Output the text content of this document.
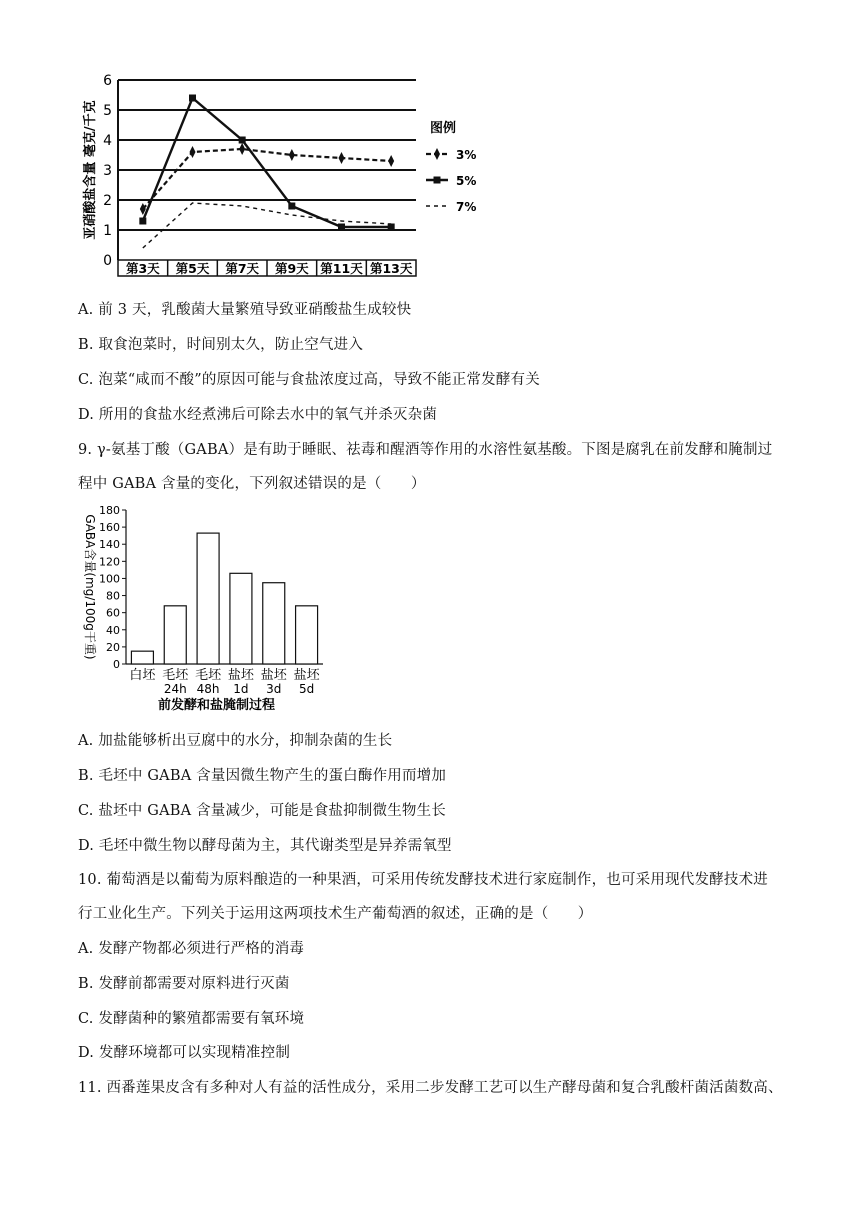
0
1
2
3
4
5
6
第3天 第5天 第7天 第9天 第11天 第13天
亚硝酸盐含量 毫克/千克	图例
3%
5%
7%
A. 前 3 天，乳酸菌大量繁殖导致亚硝酸盐生成较快
B. 取食泡菜时，时间别太久，防止空气进入
C. 泡菜“咸而不酸”的原因可能与食盐浓度过高，导致不能正常发酵有关
D. 所用的食盐水经煮沸后可除去水中的氧气并杀灭杂菌
9. γ-氨基丁酸（GABA）是有助于睡眠、祛毒和醒酒等作用的水溶性氨基酸。下图是腐乳在前发酵和腌制过
程中 GABA 含量的变化，下列叙述错误的是（　　）
0
20
40
60
80
100
120
140
160
180
白坯 毛坯
24h
毛坯
48h
盐坯
1d
盐坯
3d
盐坯
5d
前发酵和盐腌制过程
GABA含量(mg/100g干重)
A. 加盐能够析出豆腐中的水分，抑制杂菌的生长
B. 毛坯中 GABA 含量因微生物产生的蛋白酶作用而增加
C. 盐坯中 GABA 含量减少，可能是食盐抑制微生物生长
D. 毛坯中微生物以酵母菌为主，其代谢类型是异养需氧型
10. 葡萄酒是以葡萄为原料酿造的一种果酒，可采用传统发酵技术进行家庭制作，也可采用现代发酵技术进
行工业化生产。下列关于运用这两项技术生产葡萄酒的叙述，正确的是（　　）
A. 发酵产物都必须进行严格的消毒
B. 发酵前都需要对原料进行灭菌
C. 发酵菌种的繁殖都需要有氧环境
D. 发酵环境都可以实现精准控制
11. 西番莲果皮含有多种对人有益的活性成分，采用二步发酵工艺可以生产酵母菌和复合乳酸杆菌活菌数高、
